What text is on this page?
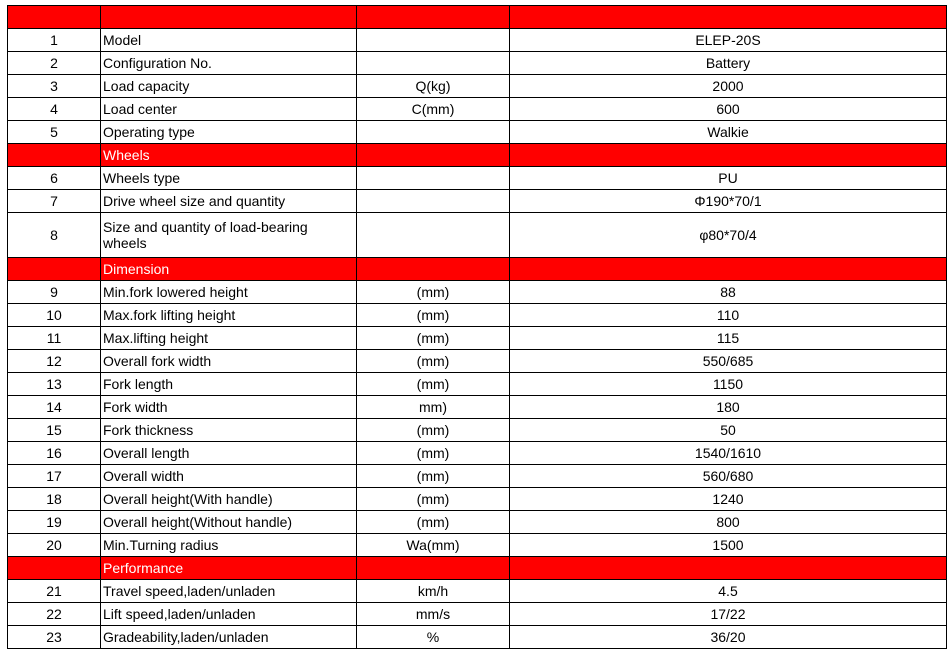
1	Model		ELEP-20S
2	Configuration No.		Battery
3	Load capacity	Q(kg)	2000
4	Load center	C(mm)	600
5	Operating type		Walkie
	Wheels		
6	Wheels type		PU
7	Drive wheel size and quantity		Φ190*70/1
8	Size and quantity of load-bearing wheels		φ80*70/4
	Dimension		
9	Min.fork lowered height	(mm)	88
10	Max.fork lifting height	(mm)	110
11	Max.lifting height	(mm)	115
12	Overall fork width	(mm)	550/685
13	Fork length	(mm)	1150
14	Fork width	mm)	180
15	Fork thickness	(mm)	50
16	Overall length	(mm)	1540/1610
17	Overall width	(mm)	560/680
18	Overall height(With handle)	(mm)	1240
19	Overall height(Without handle)	(mm)	800
20	Min.Turning radius	Wa(mm)	1500
	Performance		
21	Travel speed,laden/unladen	km/h	4.5
22	Lift speed,laden/unladen	mm/s	17/22
23	Gradeability,laden/unladen	%	36/20
